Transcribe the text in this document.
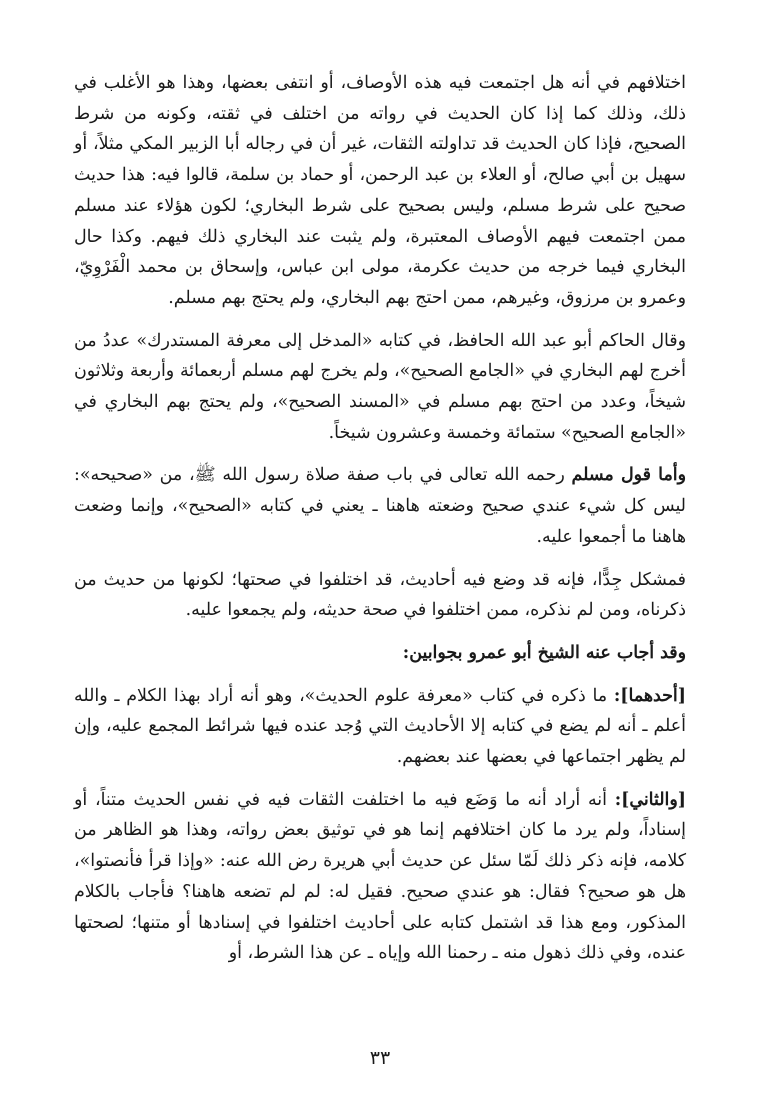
اختلافهم في أنه هل اجتمعت فيه هذه الأوصاف، أو انتفى بعضها، وهذا هو الأغلب في ذلك، وذلك كما إذا كان الحديث في رواته من اختلف في ثقته، وكونه من شرط الصحيح، فإذا كان الحديث قد تداولته الثقات، غير أن في رجاله أبا الزبير المكي مثلاً، أو سهيل بن أبي صالح، أو العلاء بن عبد الرحمن، أو حماد بن سلمة، قالوا فيه: هذا حديث صحيح على شرط مسلم، وليس بصحيح على شرط البخاري؛ لكون هؤلاء عند مسلم ممن اجتمعت فيهم الأوصاف المعتبرة، ولم يثبت عند البخاري ذلك فيهم. وكذا حال البخاري فيما خرجه من حديث عكرمة، مولى ابن عباس، وإسحاق بن محمد الْفَرْوِيّ، وعمرو بن مرزوق، وغيرهم، ممن احتج بهم البخاري، ولم يحتج بهم مسلم.

وقال الحاكم أبو عبد الله الحافظ، في كتابه «المدخل إلى معرفة المستدرك» عددُ من أخرج لهم البخاري في «الجامع الصحيح»، ولم يخرج لهم مسلم أربعمائة وأربعة وثلاثون شيخاً، وعدد من احتج بهم مسلم في «المسند الصحيح»، ولم يحتج بهم البخاري في «الجامع الصحيح» ستمائة وخمسة وعشرون شيخاً.

وأما قول مسلم رحمه الله تعالى في باب صفة صلاة رسول الله ﷺ، من «صحيحه»: ليس كل شيء عندي صحيح وضعته هاهنا ـ يعني في كتابه «الصحيح»، وإنما وضعت هاهنا ما أجمعوا عليه.

فمشكل جِدًّا، فإنه قد وضع فيه أحاديث، قد اختلفوا في صحتها؛ لكونها من حديث من ذكرناه، ومن لم نذكره، ممن اختلفوا في صحة حديثه، ولم يجمعوا عليه.

وقد أجاب عنه الشيخ أبو عمرو بجوابين:

[أحدهما]: ما ذكره في كتاب «معرفة علوم الحديث»، وهو أنه أراد بهذا الكلام ـ والله أعلم ـ أنه لم يضع في كتابه إلا الأحاديث التي وُجد عنده فيها شرائط المجمع عليه، وإن لم يظهر اجتماعها في بعضها عند بعضهم.

[والثاني]: أنه أراد أنه ما وَضَع فيه ما اختلفت الثقات فيه في نفس الحديث متناً، أو إسناداً، ولم يرد ما كان اختلافهم إنما هو في توثيق بعض رواته، وهذا هو الظاهر من كلامه، فإنه ذكر ذلك لَمّا سئل عن حديث أبي هريرة رض الله عنه: «وإذا قرأ فأنصتوا»، هل هو صحيح؟ فقال: هو عندي صحيح. فقيل له: لم لم تضعه هاهنا؟ فأجاب بالكلام المذكور، ومع هذا قد اشتمل كتابه على أحاديث اختلفوا في إسنادها أو متنها؛ لصحتها عنده، وفي ذلك ذهول منه ـ رحمنا الله وإياه ـ عن هذا الشرط، أو

٣٣
